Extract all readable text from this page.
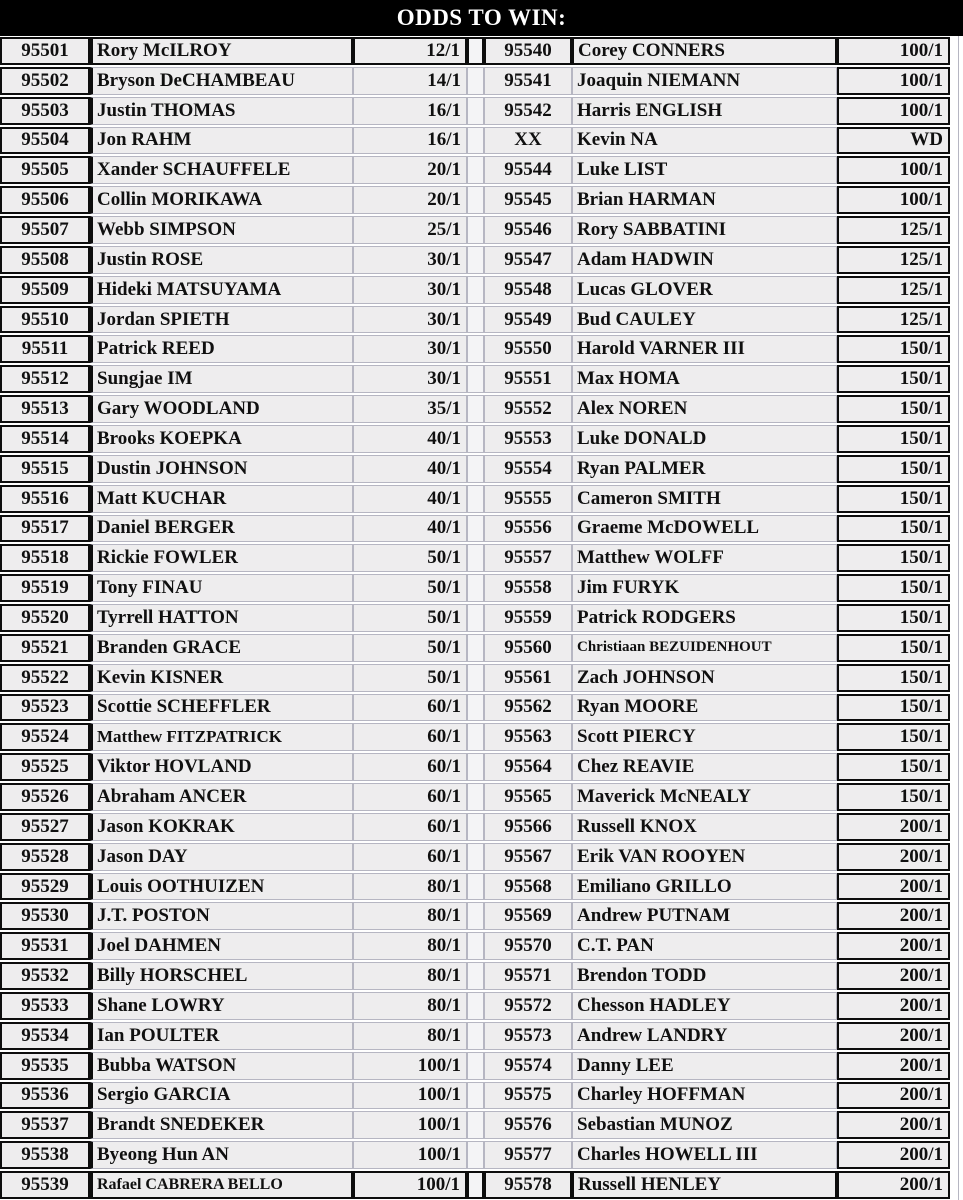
ODDS TO WIN:
95501	Rory McILROY	12/1	95540	Corey CONNERS	100/1
95502	Bryson DeCHAMBEAU	14/1	95541	Joaquin NIEMANN	100/1
95503	Justin THOMAS	16/1	95542	Harris ENGLISH	100/1
95504	Jon RAHM	16/1	XX	Kevin NA	WD
95505	Xander SCHAUFFELE	20/1	95544	Luke LIST	100/1
95506	Collin MORIKAWA	20/1	95545	Brian HARMAN	100/1
95507	Webb SIMPSON	25/1	95546	Rory SABBATINI	125/1
95508	Justin ROSE	30/1	95547	Adam HADWIN	125/1
95509	Hideki MATSUYAMA	30/1	95548	Lucas GLOVER	125/1
95510	Jordan SPIETH	30/1	95549	Bud CAULEY	125/1
95511	Patrick REED	30/1	95550	Harold VARNER III	150/1
95512	Sungjae IM	30/1	95551	Max HOMA	150/1
95513	Gary WOODLAND	35/1	95552	Alex NOREN	150/1
95514	Brooks KOEPKA	40/1	95553	Luke DONALD	150/1
95515	Dustin JOHNSON	40/1	95554	Ryan PALMER	150/1
95516	Matt KUCHAR	40/1	95555	Cameron SMITH	150/1
95517	Daniel BERGER	40/1	95556	Graeme McDOWELL	150/1
95518	Rickie FOWLER	50/1	95557	Matthew WOLFF	150/1
95519	Tony FINAU	50/1	95558	Jim FURYK	150/1
95520	Tyrrell HATTON	50/1	95559	Patrick RODGERS	150/1
95521	Branden GRACE	50/1	95560	Christiaan BEZUIDENHOUT	150/1
95522	Kevin KISNER	50/1	95561	Zach JOHNSON	150/1
95523	Scottie SCHEFFLER	60/1	95562	Ryan MOORE	150/1
95524	Matthew FITZPATRICK	60/1	95563	Scott PIERCY	150/1
95525	Viktor HOVLAND	60/1	95564	Chez REAVIE	150/1
95526	Abraham ANCER	60/1	95565	Maverick McNEALY	150/1
95527	Jason KOKRAK	60/1	95566	Russell KNOX	200/1
95528	Jason DAY	60/1	95567	Erik VAN ROOYEN	200/1
95529	Louis OOTHUIZEN	80/1	95568	Emiliano GRILLO	200/1
95530	J.T. POSTON	80/1	95569	Andrew PUTNAM	200/1
95531	Joel DAHMEN	80/1	95570	C.T. PAN	200/1
95532	Billy HORSCHEL	80/1	95571	Brendon TODD	200/1
95533	Shane LOWRY	80/1	95572	Chesson HADLEY	200/1
95534	Ian POULTER	80/1	95573	Andrew LANDRY	200/1
95535	Bubba WATSON	100/1	95574	Danny LEE	200/1
95536	Sergio GARCIA	100/1	95575	Charley HOFFMAN	200/1
95537	Brandt SNEDEKER	100/1	95576	Sebastian MUNOZ	200/1
95538	Byeong Hun AN	100/1	95577	Charles HOWELL III	200/1
95539	Rafael CABRERA BELLO	100/1	95578	Russell HENLEY	200/1
